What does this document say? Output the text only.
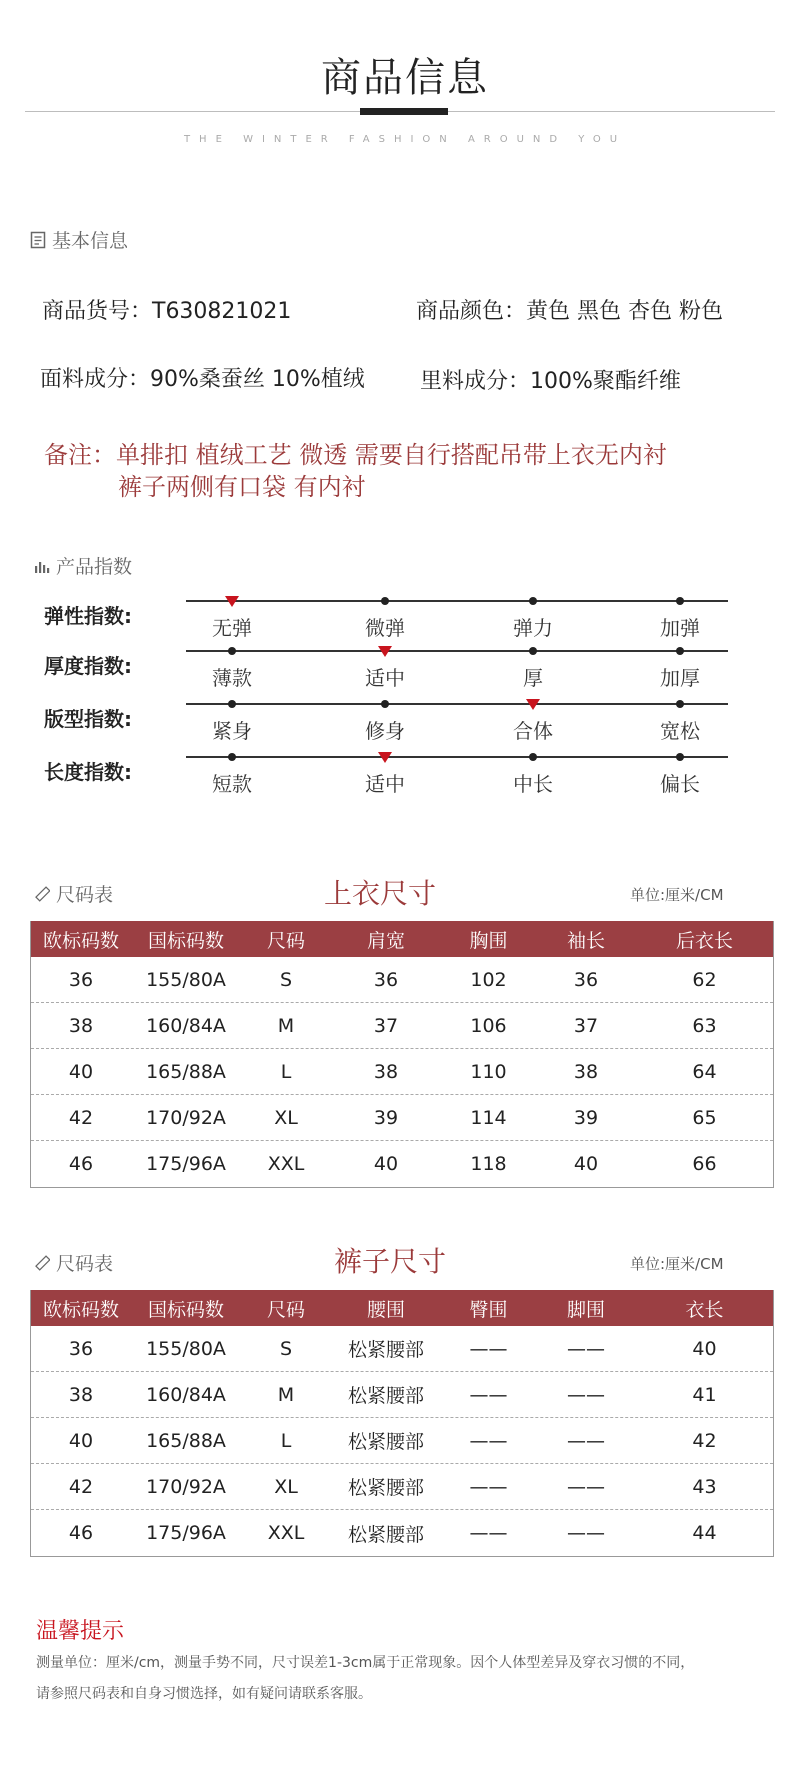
商品信息
THE WINTER FASHION AROUND YOU
基本信息
商品货号：T630821021	商品颜色：黄色 黑色 杏色 粉色
面料成分：90%桑蚕丝 10%植绒	里料成分：100%聚酯纤维
备注：单排扣 植绒工艺 微透 需要自行搭配吊带上衣无内衬
裤子两侧有口袋 有内衬
产品指数
弹性指数:	无弹	微弹	弹力	加弹
厚度指数:	薄款	适中	厚	加厚
版型指数:	紧身	修身	合体	宽松
长度指数:	短款	适中	中长	偏长
尺码表	上衣尺寸	单位:厘米/CM
欧标码数	国标码数	尺码	肩宽	胸围	袖长	后衣长
36	155/80A	S	36	102	36	62
38	160/84A	M	37	106	37	63
40	165/88A	L	38	110	38	64
42	170/92A	XL	39	114	39	65
46	175/96A	XXL	40	118	40	66
尺码表	裤子尺寸	单位:厘米/CM
欧标码数	国标码数	尺码	腰围	臀围	脚围	衣长
36	155/80A	S	松紧腰部	——	——	40
38	160/84A	M	松紧腰部	——	——	41
40	165/88A	L	松紧腰部	——	——	42
42	170/92A	XL	松紧腰部	——	——	43
46	175/96A	XXL	松紧腰部	——	——	44
温馨提示
测量单位：厘米/cm，测量手势不同，尺寸误差1-3cm属于正常现象。因个人体型差异及穿衣习惯的不同，
请参照尺码表和自身习惯选择，如有疑问请联系客服。
